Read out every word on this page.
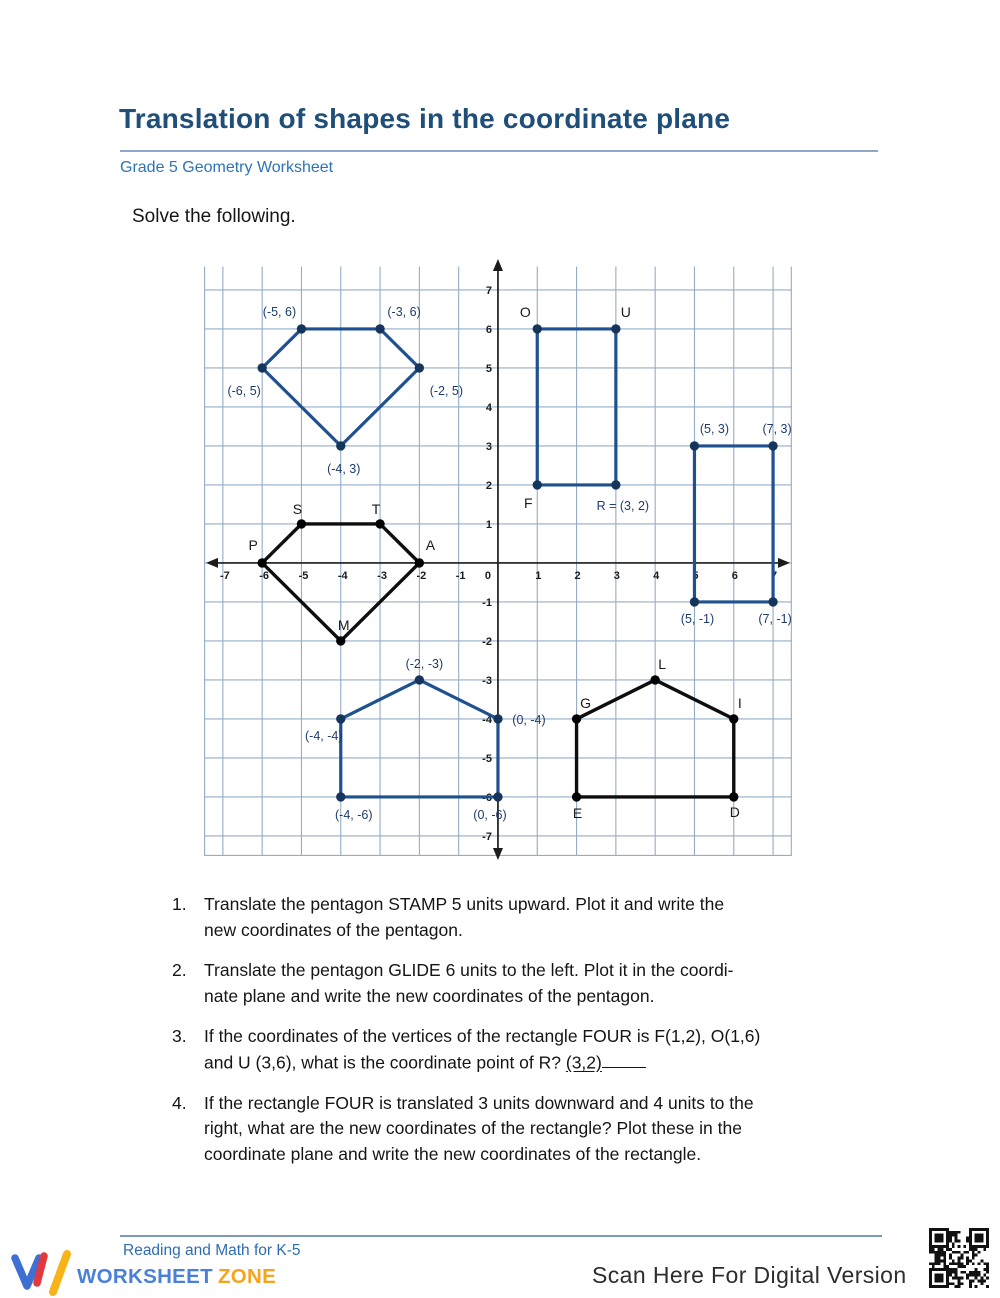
Translation of shapes in the coordinate plane
Grade 5 Geometry Worksheet
Solve the following.
-7	-6	-5	-4	-3	-2	-1 0	1	2	3	4	5	6	7
7
6
5
4
3
2
1
-1
-2
-3
-4
-5
-6
-7
(-5, 6)	(-3, 6)
(-6, 5)	(-2, 5)
(-4, 3)
(5, 3)	(7, 3)
(5, -1)	(7, -1)
(-2, -3)
(-4, -4)
(0, -4)
(-4, -6)	(0, -6)
R = (3, 2)
S	T
P	A
M
O	U
F
G
L
I
E	D
1. Translate the pentagon STAMP 5 units upward. Plot it and write the
new coordinates of the pentagon.
2. Translate the pentagon GLIDE 6 units to the left. Plot it in the coordi-
nate plane and write the new coordinates of the pentagon.
3. If the coordinates of the vertices of the rectangle FOUR is F(1,2), O(1,6)
and U (3,6), what is the coordinate point of R? (3,2)
4. If the rectangle FOUR is translated 3 units downward and 4 units to the
right, what are the new coordinates of the rectangle? Plot these in the
coordinate plane and write the new coordinates of the rectangle.
Reading and Math for K-5
WORKSHEET ZONE	Scan Here For Digital Version
